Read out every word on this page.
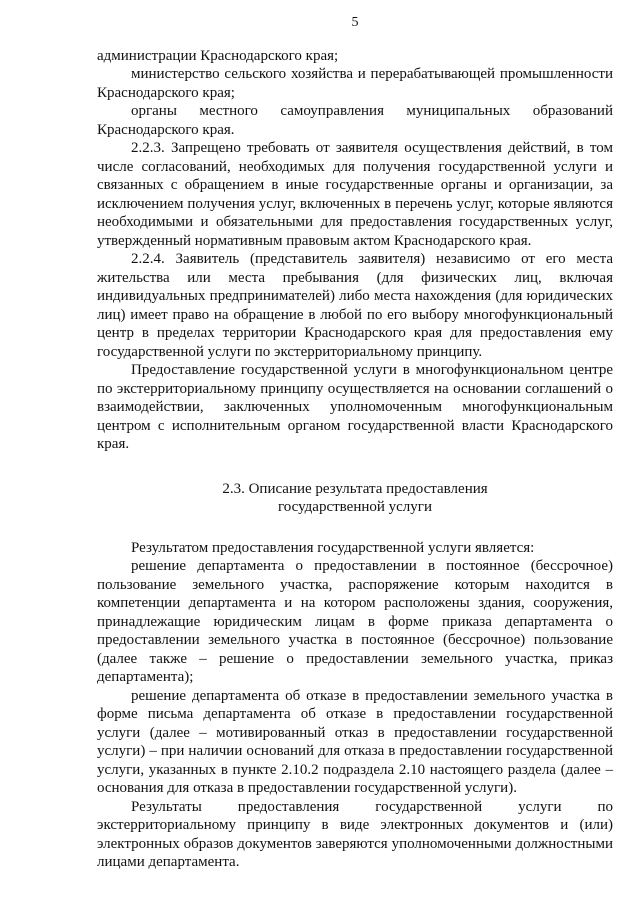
5

администрации Краснодарского края;

министерство сельского хозяйства и перерабатывающей промышленности Краснодарского края;

органы местного самоуправления муниципальных образований Краснодарского края.

2.2.3. Запрещено требовать от заявителя осуществления действий, в том числе согласований, необходимых для получения государственной услуги и связанных с обращением в иные государственные органы и организации, за исключением получения услуг, включенных в перечень услуг, которые являются необходимыми и обязательными для предоставления государственных услуг, утвержденный нормативным правовым актом Краснодарского края.

2.2.4. Заявитель (представитель заявителя) независимо от его места жительства или места пребывания (для физических лиц, включая индивидуальных предпринимателей) либо места нахождения (для юридических лиц) имеет право на обращение в любой по его выбору многофункциональный центр в пределах территории Краснодарского края для предоставления ему государственной услуги по экстерриториальному принципу.

Предоставление государственной услуги в многофункциональном центре по экстерриториальному принципу осуществляется на основании соглашений о взаимодействии, заключенных уполномоченным многофункциональным центром с исполнительным органом государственной власти Краснодарского края.

2.3. Описание результата предоставления
государственной услуги

Результатом предоставления государственной услуги является:

решение департамента о предоставлении в постоянное (бессрочное) пользование земельного участка, распоряжение которым находится в компетенции департамента и на котором расположены здания, сооружения, принадлежащие юридическим лицам в форме приказа департамента о предоставлении земельного участка в постоянное (бессрочное) пользование (далее также – решение о предоставлении земельного участка, приказ департамента);

решение департамента об отказе в предоставлении земельного участка в форме письма департамента об отказе в предоставлении государственной услуги (далее – мотивированный отказ в предоставлении государственной услуги) – при наличии оснований для отказа в предоставлении государственной услуги, указанных в пункте 2.10.2 подраздела 2.10 настоящего раздела (далее – основания для отказа в предоставлении государственной услуги).

Результаты предоставления государственной услуги по экстерриториальному принципу в виде электронных документов и (или) электронных образов документов заверяются уполномоченными должностными лицами департамента.
